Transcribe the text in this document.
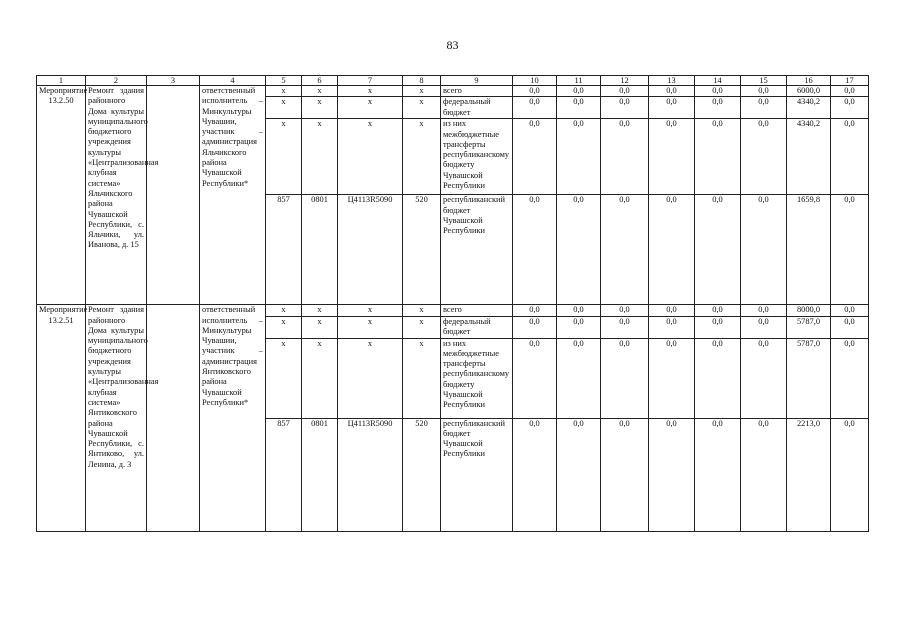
83
1	2	3	4	5	6	7	8	9	10	11	12	13	14	15	16	17
Мероприятие 13.2.50	Ремонт здания районного Дома культуры муниципального бюджетного учреждения культуры «Централизованная клубная система» Яльчикского района Чувашской Республики, с. Яльчики, ул. Иванова, д. 15		ответственный исполнитель – Минкультуры Чувашии, участник – администрация Яльчикского района Чувашской Республики*	x	x	x	x	всего	0,0	0,0	0,0	0,0	0,0	0,0	6000,0	0,0
				x	x	x	x	федеральный бюджет	0,0	0,0	0,0	0,0	0,0	0,0	4340,2	0,0
				x	x	x	x	из них межбюджетные трансферты республиканскому бюджету Чувашской Республики	0,0	0,0	0,0	0,0	0,0	0,0	4340,2	0,0
				857	0801	Ц4113R5090	520	республиканский бюджет Чувашской Республики	0,0	0,0	0,0	0,0	0,0	0,0	1659,8	0,0
Мероприятие 13.2.51	Ремонт здания районного Дома культуры муниципального бюджетного учреждения культуры «Централизованная клубная система» Янтиковского района Чувашской Республики, с. Янтиково, ул. Ленина, д. 3		ответственный исполнитель – Минкультуры Чувашии, участник – администрация Янтиковского района Чувашской Республики*	x	x	x	x	всего	0,0	0,0	0,0	0,0	0,0	0,0	8000,0	0,0
				x	x	x	x	федеральный бюджет	0,0	0,0	0,0	0,0	0,0	0,0	5787,0	0,0
				x	x	x	x	из них межбюджетные трансферты республиканскому бюджету Чувашской Республики	0,0	0,0	0,0	0,0	0,0	0,0	5787,0	0,0
				857	0801	Ц4113R5090	520	республиканский бюджет Чувашской Республики	0,0	0,0	0,0	0,0	0,0	0,0	2213,0	0,0
